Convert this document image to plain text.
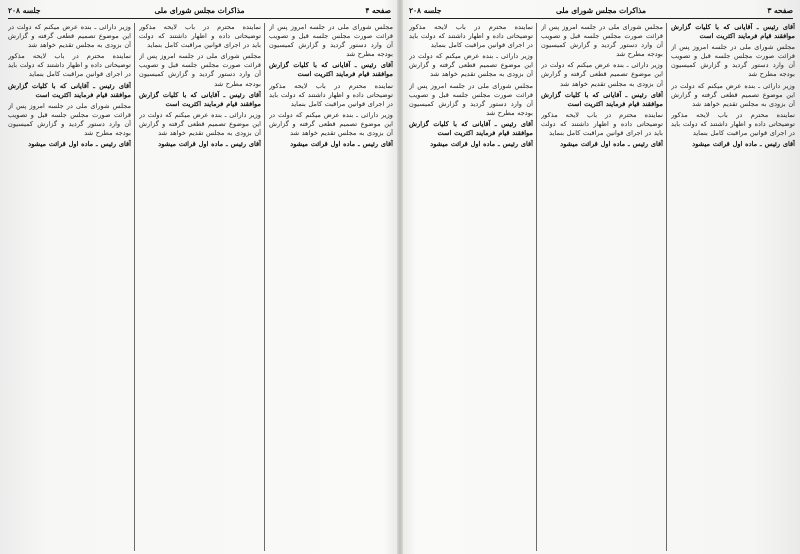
صفحه ۴
مذاکرات مجلس شورای ملی
جلسه ۲۰۸

مجلس شورای ملی در جلسه امروز پس از قرائت صورت مجلس جلسه قبل و تصویب آن وارد دستور گردید و گزارش کمیسیون بودجه مطرح شد

آقای رئیس ـ آقایانی که با کلیات گزارش موافقند قیام فرمایند اکثریت است

نماینده محترم در باب لایحه مذکور توضیحاتی داده و اظهار داشتند که دولت باید در اجرای قوانین مراقبت کامل بنماید

وزیر دارائی ـ بنده عرض میکنم که دولت در این موضوع تصمیم قطعی گرفته و گزارش آن بزودی به مجلس تقدیم خواهد شد

آقای رئیس ـ ماده اول قرائت میشود

نماینده محترم در باب لایحه مذکور توضیحاتی داده و اظهار داشتند که دولت باید در اجرای قوانین مراقبت کامل بنماید

مجلس شورای ملی در جلسه امروز پس از قرائت صورت مجلس جلسه قبل و تصویب آن وارد دستور گردید و گزارش کمیسیون بودجه مطرح شد

آقای رئیس ـ آقایانی که با کلیات گزارش موافقند قیام فرمایند اکثریت است

وزیر دارائی ـ بنده عرض میکنم که دولت در این موضوع تصمیم قطعی گرفته و گزارش آن بزودی به مجلس تقدیم خواهد شد

آقای رئیس ـ ماده اول قرائت میشود

وزیر دارائی ـ بنده عرض میکنم که دولت در این موضوع تصمیم قطعی گرفته و گزارش آن بزودی به مجلس تقدیم خواهد شد

نماینده محترم در باب لایحه مذکور توضیحاتی داده و اظهار داشتند که دولت باید در اجرای قوانین مراقبت کامل بنماید

آقای رئیس ـ آقایانی که با کلیات گزارش موافقند قیام فرمایند اکثریت است

مجلس شورای ملی در جلسه امروز پس از قرائت صورت مجلس جلسه قبل و تصویب آن وارد دستور گردید و گزارش کمیسیون بودجه مطرح شد

آقای رئیس ـ ماده اول قرائت میشود

صفحه ۳
مذاکرات مجلس شورای ملی
جلسه ۲۰۸

آقای رئیس ـ آقایانی که با کلیات گزارش موافقند قیام فرمایند اکثریت است

مجلس شورای ملی در جلسه امروز پس از قرائت صورت مجلس جلسه قبل و تصویب آن وارد دستور گردید و گزارش کمیسیون بودجه مطرح شد

وزیر دارائی ـ بنده عرض میکنم که دولت در این موضوع تصمیم قطعی گرفته و گزارش آن بزودی به مجلس تقدیم خواهد شد

نماینده محترم در باب لایحه مذکور توضیحاتی داده و اظهار داشتند که دولت باید در اجرای قوانین مراقبت کامل بنماید

آقای رئیس ـ ماده اول قرائت میشود

مجلس شورای ملی در جلسه امروز پس از قرائت صورت مجلس جلسه قبل و تصویب آن وارد دستور گردید و گزارش کمیسیون بودجه مطرح شد

وزیر دارائی ـ بنده عرض میکنم که دولت در این موضوع تصمیم قطعی گرفته و گزارش آن بزودی به مجلس تقدیم خواهد شد

آقای رئیس ـ آقایانی که با کلیات گزارش موافقند قیام فرمایند اکثریت است

نماینده محترم در باب لایحه مذکور توضیحاتی داده و اظهار داشتند که دولت باید در اجرای قوانین مراقبت کامل بنماید

آقای رئیس ـ ماده اول قرائت میشود

نماینده محترم در باب لایحه مذکور توضیحاتی داده و اظهار داشتند که دولت باید در اجرای قوانین مراقبت کامل بنماید

وزیر دارائی ـ بنده عرض میکنم که دولت در این موضوع تصمیم قطعی گرفته و گزارش آن بزودی به مجلس تقدیم خواهد شد

مجلس شورای ملی در جلسه امروز پس از قرائت صورت مجلس جلسه قبل و تصویب آن وارد دستور گردید و گزارش کمیسیون بودجه مطرح شد

آقای رئیس ـ آقایانی که با کلیات گزارش موافقند قیام فرمایند اکثریت است

آقای رئیس ـ ماده اول قرائت میشود
